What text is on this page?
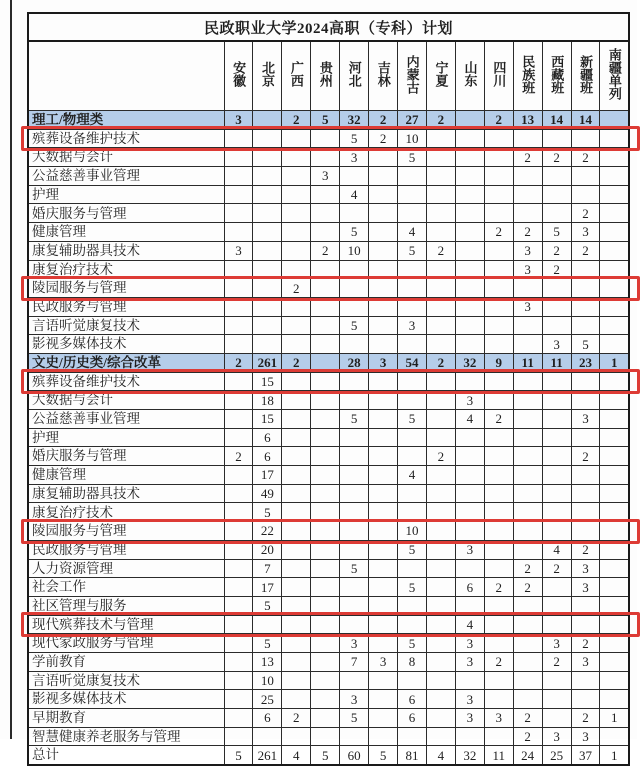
民政职业大学2024高职（专科）计划														
	安徽	北京	广西	贵州	河北	吉林	内蒙古	宁夏	山东	四川	民族班	西藏班	新疆班	南疆单列
理工/物理类	3		2	5	32	2	27	2		2	13	14	14	
殡葬设备维护技术					5	2	10							
大数据与会计					3		5				2	2	2	
公益慈善事业管理				3										
护理					4									
婚庆服务与管理													2	
健康管理					5		4			2	2	5	3	
康复辅助器具技术	3			2	10		5	2			3	2	2	
康复治疗技术											3	2		
陵园服务与管理			2											
民政服务与管理											3			
言语听觉康复技术					5		3							
影视多媒体技术												3	5	
文史/历史类/综合改革	2	261	2		28	3	54	2	32	9	11	11	23	1
殡葬设备维护技术		15												
大数据与会计		18							3					
公益慈善事业管理		15			5		5		4	2			3	
护理		6												
婚庆服务与管理	2	6						2					2	
健康管理		17					4							
康复辅助器具技术		49												
康复治疗技术		5												
陵园服务与管理		22					10							
民政服务与管理		20					5		3			4	2	
人力资源管理		7			5						2	2	3	
社会工作		17					5		6	2	2		3	
社区管理与服务		5												
现代殡葬技术与管理									4					
现代家政服务与管理		5			3		5		3			3	2	
学前教育		13			7	3	8		3	2		2	3	
言语听觉康复技术		10												
影视多媒体技术		25			3		6		3					
早期教育		6	2		5		6		3	3	2		2	1
智慧健康养老服务与管理											2	3	3	
总计	5	261	4	5	60	5	81	4	32	11	24	25	37	1
